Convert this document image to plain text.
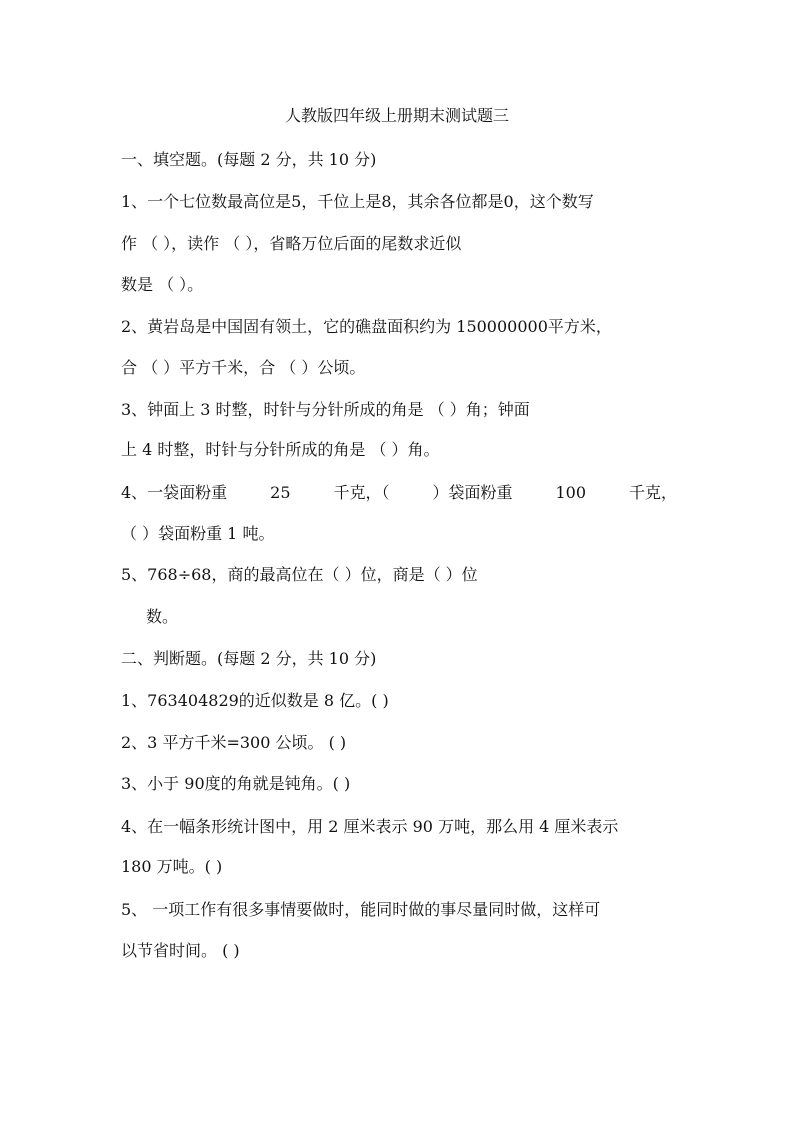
人教版四年级上册期末测试题三
一、填空题。(每题 2 分，共 10 分)
1、一个七位数最高位是5，千位上是8，其余各位都是0，这个数写
作 （ ），读作 （ ），省略万位后面的尾数求近似
数是 （ ）。
2、黄岩岛是中国固有领土，它的礁盘面积约为 150000000平方米，
合 （ ）平方千米，合 （ ）公顷。
3、钟面上 3 时整，时针与分针所成的角是 （ ）角；钟面
上 4 时整，时针与分针所成的角是 （ ）角。
4、一袋面粉重	25	千克，（	）袋面粉重	100	千克，
（ ）袋面粉重 1 吨。
5、768÷68，商的最高位在（ ）位，商是（ ）位
数。
二、判断题。(每题 2 分，共 10 分)
1、763404829的近似数是 8 亿。( )
2、3 平方千米=300 公顷。 ( )
3、小于 90度的角就是钝角。( )
4、在一幅条形统计图中，用 2 厘米表示 90 万吨，那么用 4 厘米表示
180 万吨。( )
5、 一项工作有很多事情要做时，能同时做的事尽量同时做，这样可
以节省时间。 ( )
